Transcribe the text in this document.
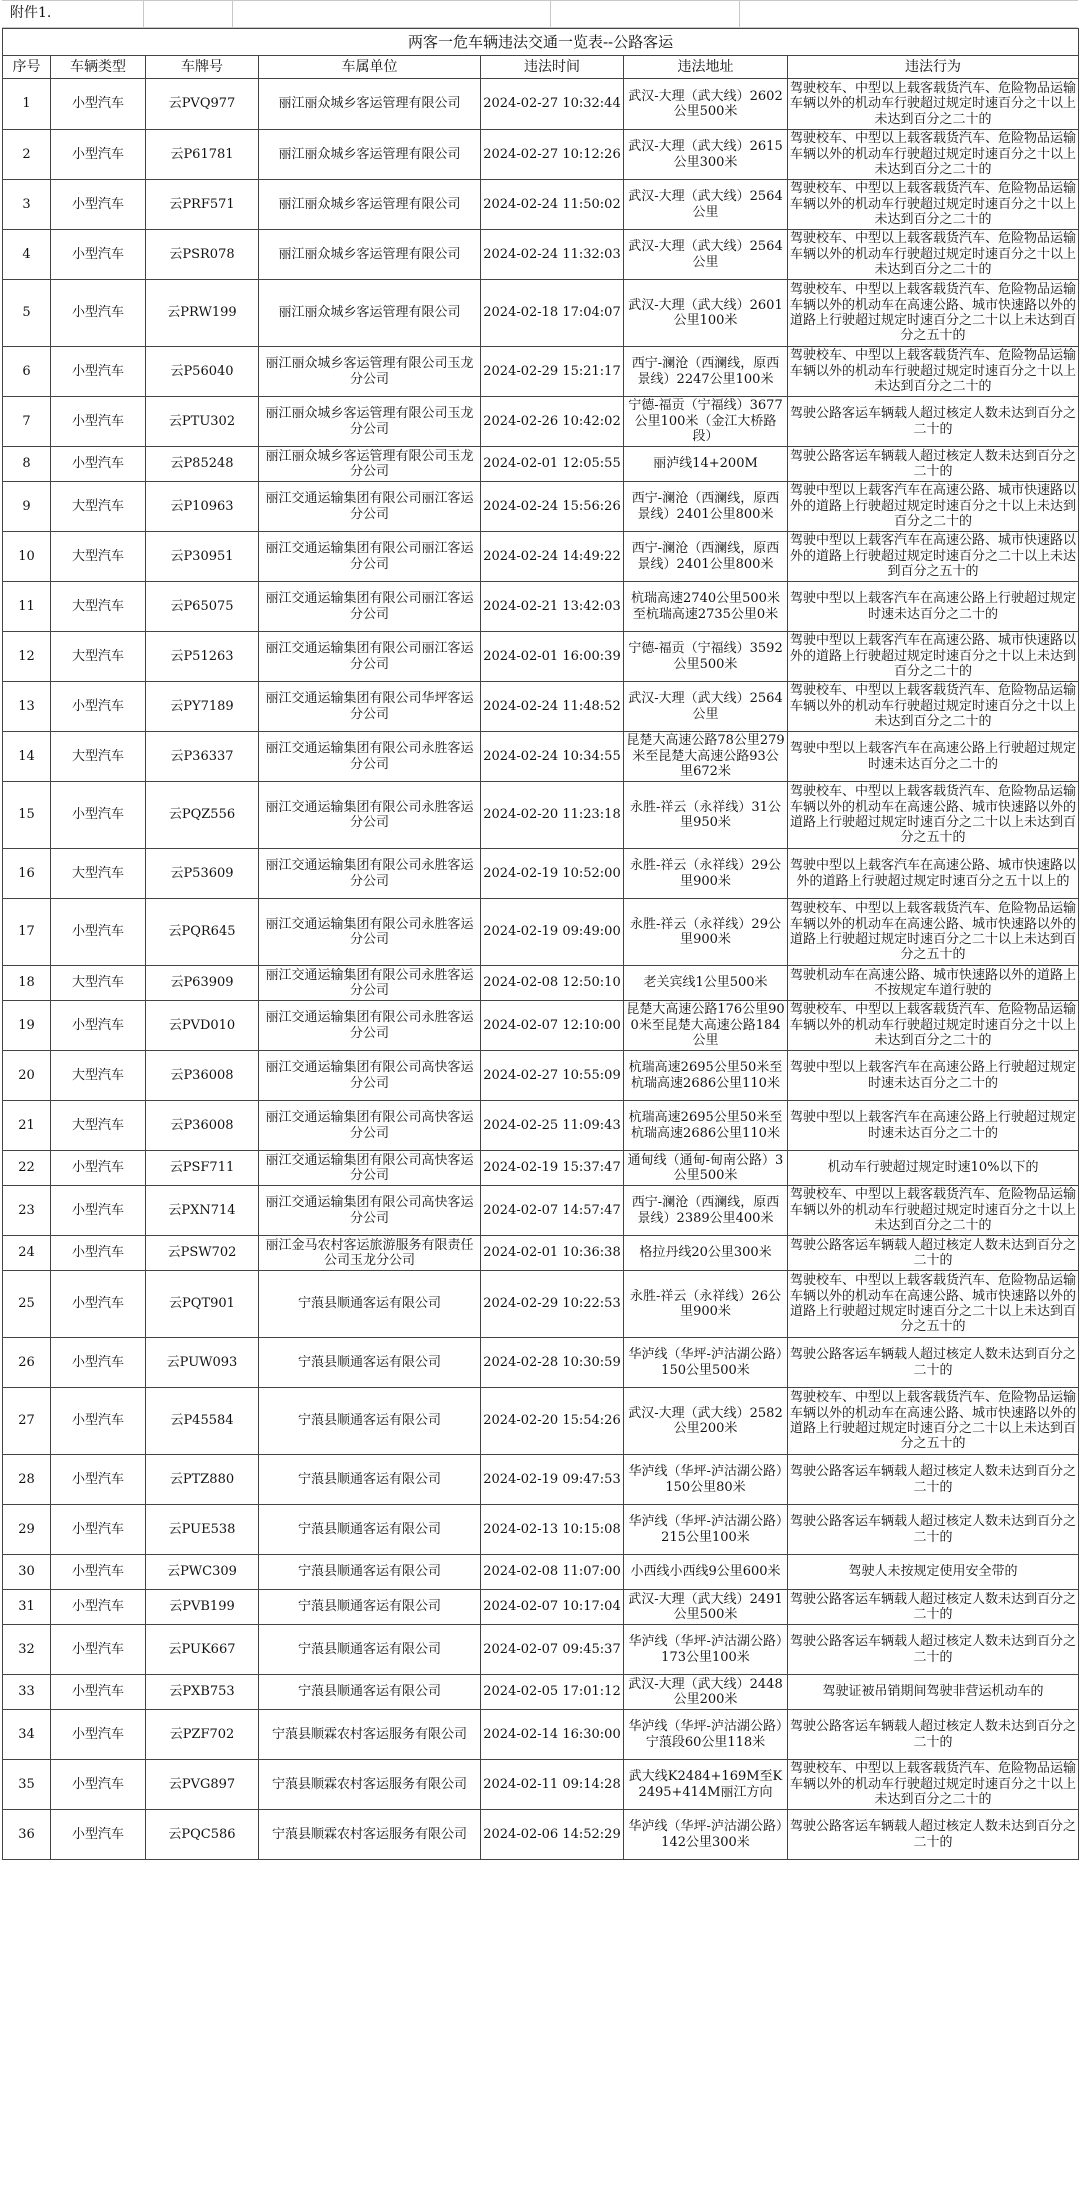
附件1.
两客一危车辆违法交通一览表--公路客运						
序号	车辆类型	车牌号	车属单位	违法时间	违法地址	违法行为
1	小型汽车	云PVQ977	丽江丽众城乡客运管理有限公司	2024-02-27 10:32:44	武汉-大理（武大线）2602公里500米	驾驶校车、中型以上载客载货汽车、危险物品运输车辆以外的机动车行驶超过规定时速百分之十以上未达到百分之二十的
2	小型汽车	云P61781	丽江丽众城乡客运管理有限公司	2024-02-27 10:12:26	武汉-大理（武大线）2615公里300米	驾驶校车、中型以上载客载货汽车、危险物品运输车辆以外的机动车行驶超过规定时速百分之十以上未达到百分之二十的
3	小型汽车	云PRF571	丽江丽众城乡客运管理有限公司	2024-02-24 11:50:02	武汉-大理（武大线）2564公里	驾驶校车、中型以上载客载货汽车、危险物品运输车辆以外的机动车行驶超过规定时速百分之十以上未达到百分之二十的
4	小型汽车	云PSR078	丽江丽众城乡客运管理有限公司	2024-02-24 11:32:03	武汉-大理（武大线）2564公里	驾驶校车、中型以上载客载货汽车、危险物品运输车辆以外的机动车行驶超过规定时速百分之十以上未达到百分之二十的
5	小型汽车	云PRW199	丽江丽众城乡客运管理有限公司	2024-02-18 17:04:07	武汉-大理（武大线）2601公里100米	驾驶校车、中型以上载客载货汽车、危险物品运输车辆以外的机动车在高速公路、城市快速路以外的道路上行驶超过规定时速百分之二十以上未达到百分之五十的
6	小型汽车	云P56040	丽江丽众城乡客运管理有限公司玉龙分公司	2024-02-29 15:21:17	西宁-澜沧（西澜线，原西景线）2247公里100米	驾驶校车、中型以上载客载货汽车、危险物品运输车辆以外的机动车行驶超过规定时速百分之十以上未达到百分之二十的
7	小型汽车	云PTU302	丽江丽众城乡客运管理有限公司玉龙分公司	2024-02-26 10:42:02	宁德-福贡（宁福线）3677公里100米（金江大桥路段）	驾驶公路客运车辆载人超过核定人数未达到百分之二十的
8	小型汽车	云P85248	丽江丽众城乡客运管理有限公司玉龙分公司	2024-02-01 12:05:55	丽泸线14+200M	驾驶公路客运车辆载人超过核定人数未达到百分之二十的
9	大型汽车	云P10963	丽江交通运输集团有限公司丽江客运分公司	2024-02-24 15:56:26	西宁-澜沧（西澜线，原西景线）2401公里800米	驾驶中型以上载客汽车在高速公路、城市快速路以外的道路上行驶超过规定时速百分之十以上未达到百分之二十的
10	大型汽车	云P30951	丽江交通运输集团有限公司丽江客运分公司	2024-02-24 14:49:22	西宁-澜沧（西澜线，原西景线）2401公里800米	驾驶中型以上载客汽车在高速公路、城市快速路以外的道路上行驶超过规定时速百分之二十以上未达到百分之五十的
11	大型汽车	云P65075	丽江交通运输集团有限公司丽江客运分公司	2024-02-21 13:42:03	杭瑞高速2740公里500米至杭瑞高速2735公里0米	驾驶中型以上载客汽车在高速公路上行驶超过规定时速未达百分之二十的
12	大型汽车	云P51263	丽江交通运输集团有限公司丽江客运分公司	2024-02-01 16:00:39	宁德-福贡（宁福线）3592公里500米	驾驶中型以上载客汽车在高速公路、城市快速路以外的道路上行驶超过规定时速百分之十以上未达到百分之二十的
13	小型汽车	云PY7189	丽江交通运输集团有限公司华坪客运分公司	2024-02-24 11:48:52	武汉-大理（武大线）2564公里	驾驶校车、中型以上载客载货汽车、危险物品运输车辆以外的机动车行驶超过规定时速百分之十以上未达到百分之二十的
14	大型汽车	云P36337	丽江交通运输集团有限公司永胜客运分公司	2024-02-24 10:34:55	昆楚大高速公路78公里279米至昆楚大高速公路93公里672米	驾驶中型以上载客汽车在高速公路上行驶超过规定时速未达百分之二十的
15	小型汽车	云PQZ556	丽江交通运输集团有限公司永胜客运分公司	2024-02-20 11:23:18	永胜-祥云（永祥线）31公里950米	驾驶校车、中型以上载客载货汽车、危险物品运输车辆以外的机动车在高速公路、城市快速路以外的道路上行驶超过规定时速百分之二十以上未达到百分之五十的
16	大型汽车	云P53609	丽江交通运输集团有限公司永胜客运分公司	2024-02-19 10:52:00	永胜-祥云（永祥线）29公里900米	驾驶中型以上载客汽车在高速公路、城市快速路以外的道路上行驶超过规定时速百分之五十以上的
17	小型汽车	云PQR645	丽江交通运输集团有限公司永胜客运分公司	2024-02-19 09:49:00	永胜-祥云（永祥线）29公里900米	驾驶校车、中型以上载客载货汽车、危险物品运输车辆以外的机动车在高速公路、城市快速路以外的道路上行驶超过规定时速百分之二十以上未达到百分之五十的
18	大型汽车	云P63909	丽江交通运输集团有限公司永胜客运分公司	2024-02-08 12:50:10	老关宾线1公里500米	驾驶机动车在高速公路、城市快速路以外的道路上不按规定车道行驶的
19	小型汽车	云PVD010	丽江交通运输集团有限公司永胜客运分公司	2024-02-07 12:10:00	昆楚大高速公路176公里900米至昆楚大高速公路184公里	驾驶校车、中型以上载客载货汽车、危险物品运输车辆以外的机动车行驶超过规定时速百分之十以上未达到百分之二十的
20	大型汽车	云P36008	丽江交通运输集团有限公司高快客运分公司	2024-02-27 10:55:09	杭瑞高速2695公里50米至杭瑞高速2686公里110米	驾驶中型以上载客汽车在高速公路上行驶超过规定时速未达百分之二十的
21	大型汽车	云P36008	丽江交通运输集团有限公司高快客运分公司	2024-02-25 11:09:43	杭瑞高速2695公里50米至杭瑞高速2686公里110米	驾驶中型以上载客汽车在高速公路上行驶超过规定时速未达百分之二十的
22	小型汽车	云PSF711	丽江交通运输集团有限公司高快客运分公司	2024-02-19 15:37:47	通甸线（通甸-甸南公路）3公里500米	机动车行驶超过规定时速10%以下的
23	小型汽车	云PXN714	丽江交通运输集团有限公司高快客运分公司	2024-02-07 14:57:47	西宁-澜沧（西澜线，原西景线）2389公里400米	驾驶校车、中型以上载客载货汽车、危险物品运输车辆以外的机动车行驶超过规定时速百分之十以上未达到百分之二十的
24	小型汽车	云PSW702	丽江金马农村客运旅游服务有限责任公司玉龙分公司	2024-02-01 10:36:38	格拉丹线20公里300米	驾驶公路客运车辆载人超过核定人数未达到百分之二十的
25	小型汽车	云PQT901	宁蒗县顺通客运有限公司	2024-02-29 10:22:53	永胜-祥云（永祥线）26公里900米	驾驶校车、中型以上载客载货汽车、危险物品运输车辆以外的机动车在高速公路、城市快速路以外的道路上行驶超过规定时速百分之二十以上未达到百分之五十的
26	小型汽车	云PUW093	宁蒗县顺通客运有限公司	2024-02-28 10:30:59	华泸线（华坪-泸沽湖公路）150公里500米	驾驶公路客运车辆载人超过核定人数未达到百分之二十的
27	小型汽车	云P45584	宁蒗县顺通客运有限公司	2024-02-20 15:54:26	武汉-大理（武大线）2582公里200米	驾驶校车、中型以上载客载货汽车、危险物品运输车辆以外的机动车在高速公路、城市快速路以外的道路上行驶超过规定时速百分之二十以上未达到百分之五十的
28	小型汽车	云PTZ880	宁蒗县顺通客运有限公司	2024-02-19 09:47:53	华泸线（华坪-泸沽湖公路）150公里80米	驾驶公路客运车辆载人超过核定人数未达到百分之二十的
29	小型汽车	云PUE538	宁蒗县顺通客运有限公司	2024-02-13 10:15:08	华泸线（华坪-泸沽湖公路）215公里100米	驾驶公路客运车辆载人超过核定人数未达到百分之二十的
30	小型汽车	云PWC309	宁蒗县顺通客运有限公司	2024-02-08 11:07:00	小西线小西线9公里600米	驾驶人未按规定使用安全带的
31	小型汽车	云PVB199	宁蒗县顺通客运有限公司	2024-02-07 10:17:04	武汉-大理（武大线）2491公里500米	驾驶公路客运车辆载人超过核定人数未达到百分之二十的
32	小型汽车	云PUK667	宁蒗县顺通客运有限公司	2024-02-07 09:45:37	华泸线（华坪-泸沽湖公路）173公里100米	驾驶公路客运车辆载人超过核定人数未达到百分之二十的
33	小型汽车	云PXB753	宁蒗县顺通客运有限公司	2024-02-05 17:01:12	武汉-大理（武大线）2448公里200米	驾驶证被吊销期间驾驶非营运机动车的
34	小型汽车	云PZF702	宁蒗县顺霖农村客运服务有限公司	2024-02-14 16:30:00	华泸线（华坪-泸沽湖公路）宁蒗段60公里118米	驾驶公路客运车辆载人超过核定人数未达到百分之二十的
35	小型汽车	云PVG897	宁蒗县顺霖农村客运服务有限公司	2024-02-11 09:14:28	武大线K2484+169M至K2495+414M丽江方向	驾驶校车、中型以上载客载货汽车、危险物品运输车辆以外的机动车行驶超过规定时速百分之十以上未达到百分之二十的
36	小型汽车	云PQC586	宁蒗县顺霖农村客运服务有限公司	2024-02-06 14:52:29	华泸线（华坪-泸沽湖公路）142公里300米	驾驶公路客运车辆载人超过核定人数未达到百分之二十的
